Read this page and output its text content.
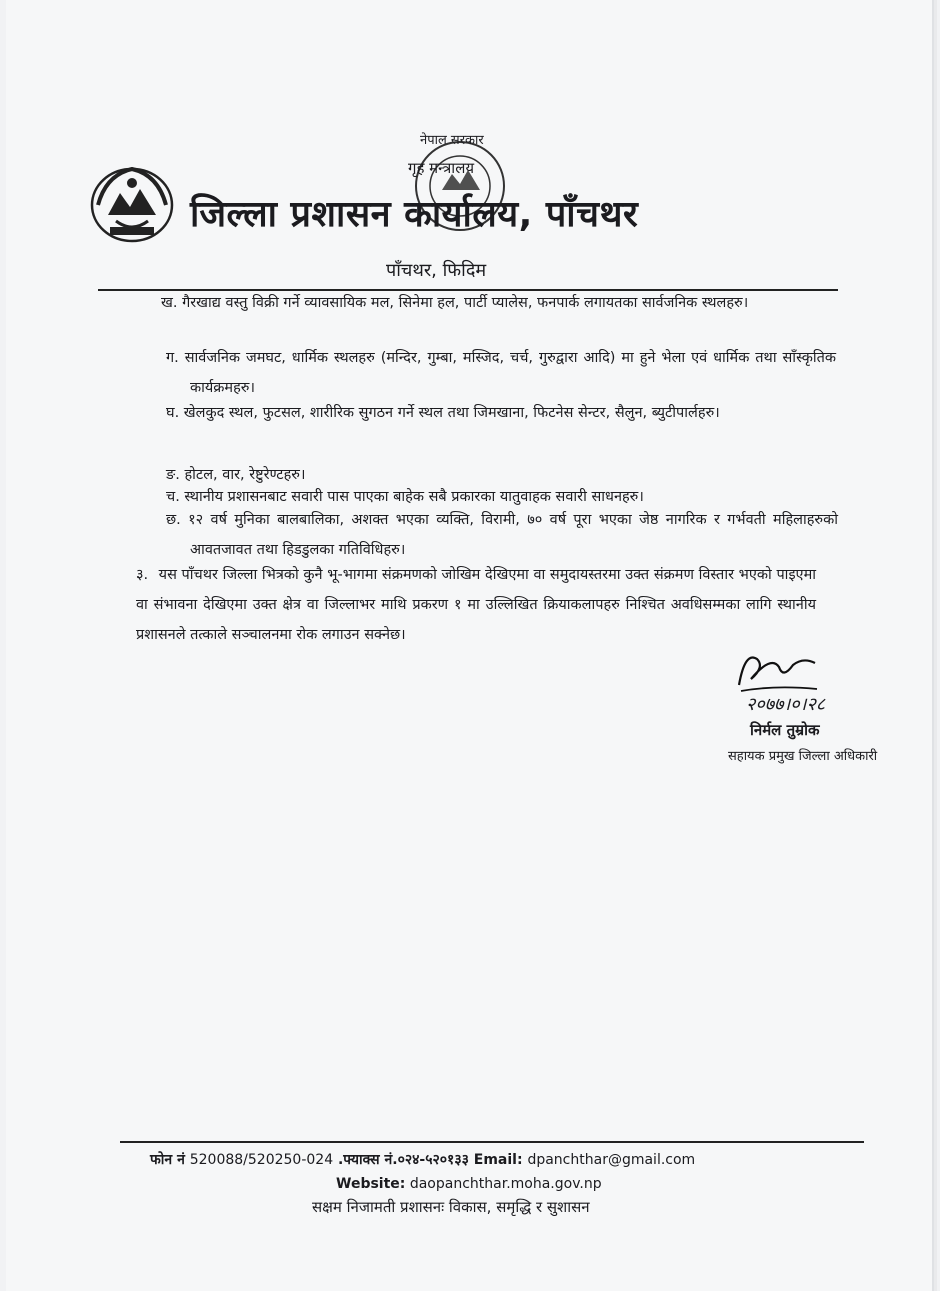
नेपाल सरकार
गृह मन्त्रालय
जिल्ला प्रशासन कार्यालय, पाँचथर
पाँचथर, फिदिम
ख. गैरखाद्य वस्तु विक्री गर्ने व्यावसायिक मल, सिनेमा हल, पार्टी प्यालेस, फनपार्क लगायतका सार्वजनिक स्थलहरु।
ग. सार्वजनिक जमघट, धार्मिक स्थलहरु (मन्दिर, गुम्बा, मस्जिद, चर्च, गुरुद्वारा आदि) मा हुने भेला एवं धार्मिक तथा साँस्कृतिक कार्यक्रमहरु।
घ. खेलकुद स्थल, फुटसल, शारीरिक सुगठन गर्ने स्थल तथा जिमखाना, फिटनेस सेन्टर, सैलुन, ब्युटीपार्लहरु।
ङ. होटल, वार, रेष्टुरेण्टहरु।
च. स्थानीय प्रशासनबाट सवारी पास पाएका बाहेक सबै प्रकारका यातुवाहक सवारी साधनहरु।
छ. १२ वर्ष मुनिका बालबालिका, अशक्त भएका व्यक्ति, विरामी, ७० वर्ष पूरा भएका जेष्ठ नागरिक र गर्भवती महिलाहरुको आवतजावत तथा हिडडुलका गतिविधिहरु।
३. यस पाँचथर जिल्ला भित्रको कुनै भू-भागमा संक्रमणको जोखिम देखिएमा वा समुदायस्तरमा उक्त संक्रमण विस्तार भएको पाइएमा वा संभावना देखिएमा उक्त क्षेत्र वा जिल्लाभर माथि प्रकरण १ मा उल्लिखित क्रियाकलापहरु निश्चित अवधिसम्मका लागि स्थानीय प्रशासनले तत्काले सञ्चालनमा रोक लगाउन सक्नेछ।
२०७७।०।२८
निर्मल तुम्रोक
सहायक प्रमुख जिल्ला अधिकारी
फोन नं 520088/520250-024 .फ्याक्स नं.०२४-५२०१३३ Email: dpanchthar@gmail.com
Website: daopanchthar.moha.gov.np
सक्षम निजामती प्रशासनः विकास, समृद्धि र सुशासन
